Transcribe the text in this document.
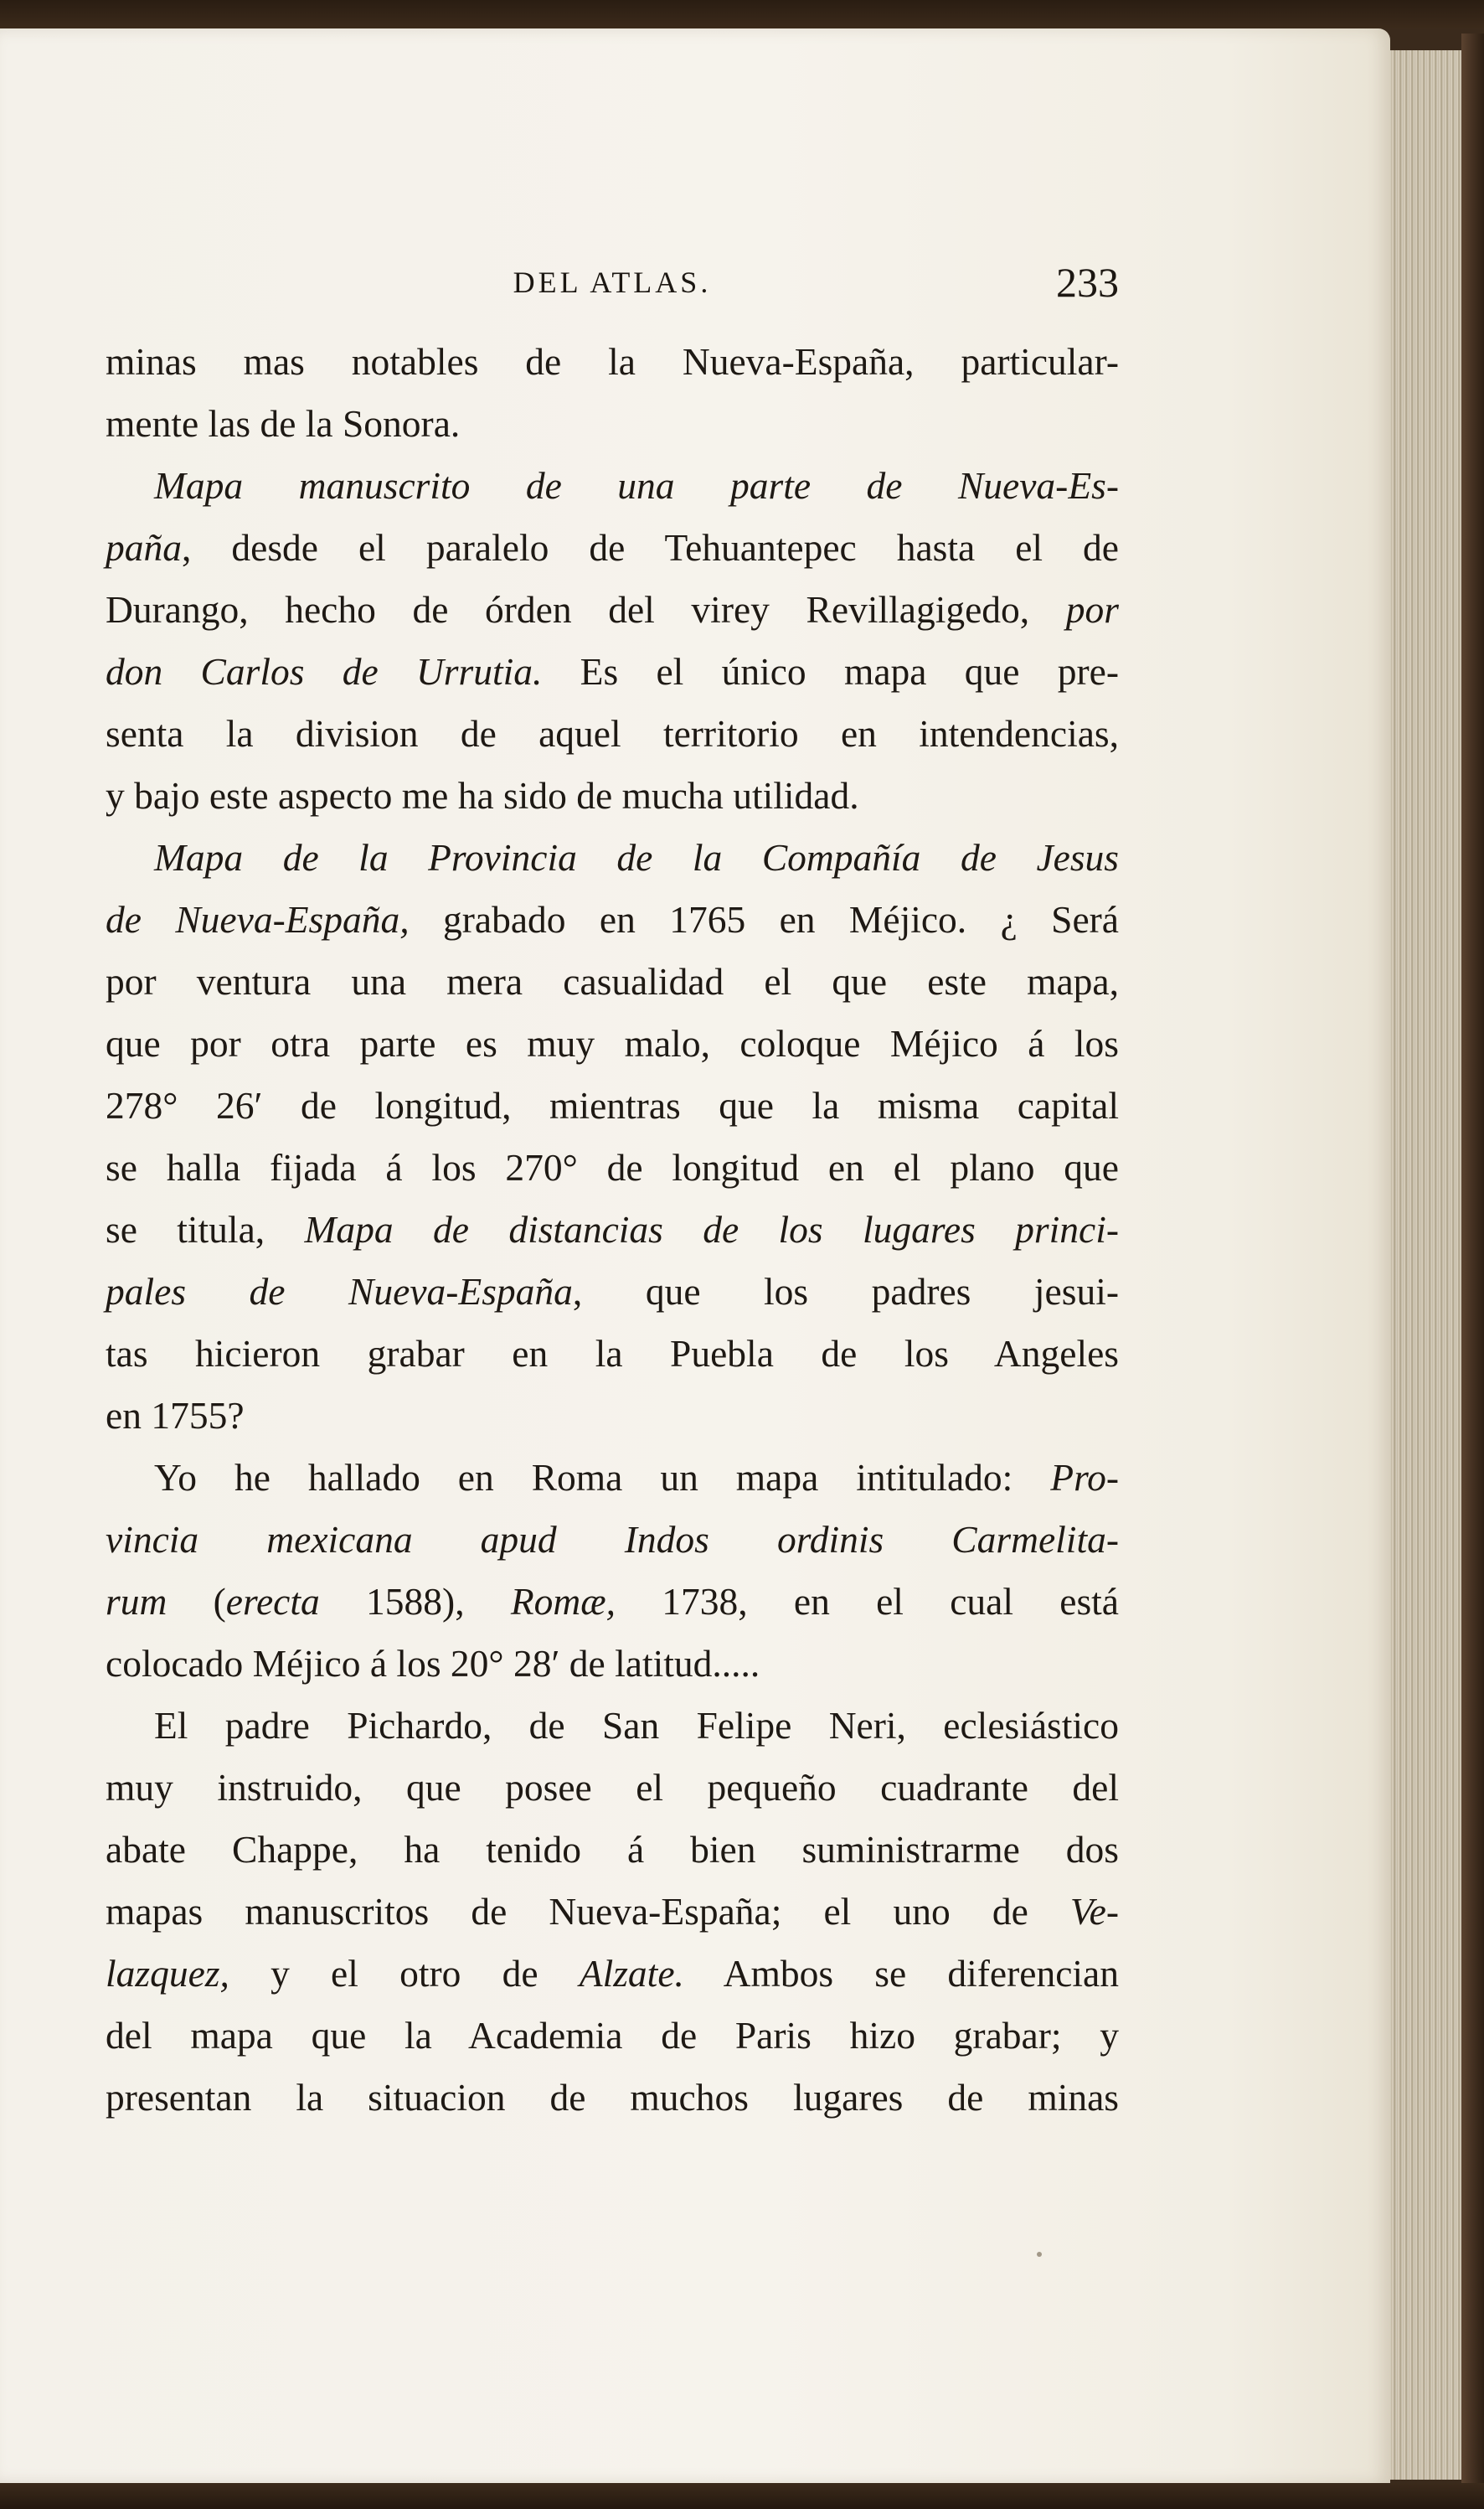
DEL ATLAS.	233
minas mas notables de la Nueva-España, particular-
mente las de la Sonora.
Mapa manuscrito de una parte de Nueva-Es-
paña, desde el paralelo de Tehuantepec hasta el de
Durango, hecho de órden del virey Revillagigedo, por
don Carlos de Urrutia. Es el único mapa que pre-
senta la division de aquel territorio en intendencias,
y bajo este aspecto me ha sido de mucha utilidad.
Mapa de la Provincia de la Compañía de Jesus
de Nueva-España, grabado en 1765 en Méjico. ¿ Será
por ventura una mera casualidad el que este mapa,
que por otra parte es muy malo, coloque Méjico á los
278° 26′ de longitud, mientras que la misma capital
se halla fijada á los 270° de longitud en el plano que
se titula, Mapa de distancias de los lugares princi-
pales de Nueva-España, que los padres jesui-
tas hicieron grabar en la Puebla de los Angeles
en 1755?
Yo he hallado en Roma un mapa intitulado: Pro-
vincia mexicana apud Indos ordinis Carmelita-
rum (erecta 1588), Romæ, 1738, en el cual está
colocado Méjico á los 20° 28′ de latitud.....
El padre Pichardo, de San Felipe Neri, eclesiástico
muy instruido, que posee el pequeño cuadrante del
abate Chappe, ha tenido á bien suministrarme dos
mapas manuscritos de Nueva-España; el uno de Ve-
lazquez, y el otro de Alzate. Ambos se diferencian
del mapa que la Academia de Paris hizo grabar; y
presentan la situacion de muchos lugares de minas
